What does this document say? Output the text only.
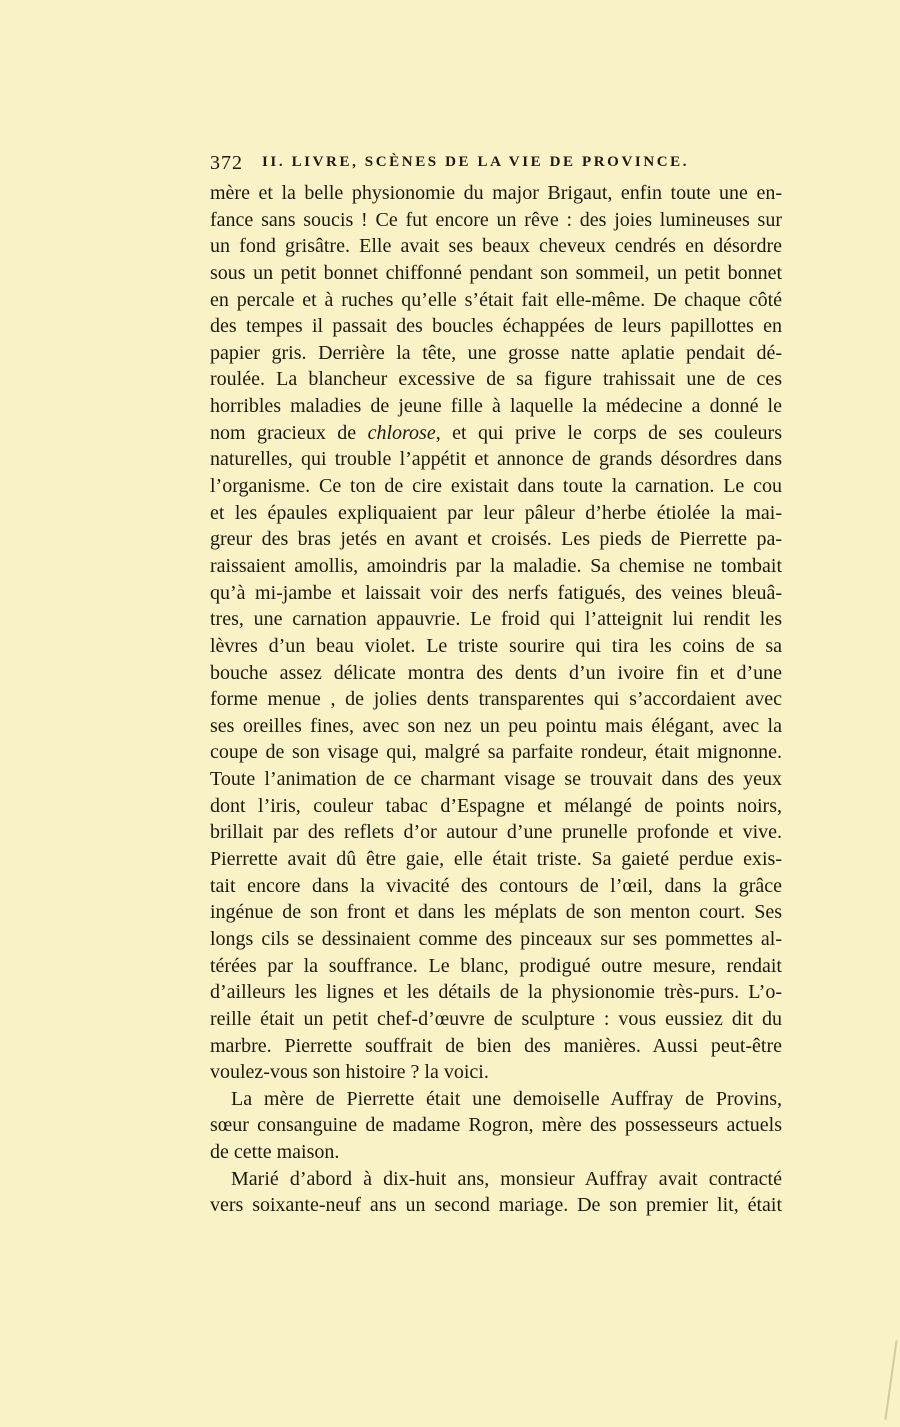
372 II. LIVRE, SCÈNES DE LA VIE DE PROVINCE.
mère et la belle physionomie du major Brigaut, enfin toute une en-
fance sans soucis ! Ce fut encore un rêve : des joies lumineuses sur
un fond grisâtre. Elle avait ses beaux cheveux cendrés en désordre
sous un petit bonnet chiffonné pendant son sommeil, un petit bonnet
en percale et à ruches qu’elle s’était fait elle-même. De chaque côté
des tempes il passait des boucles échappées de leurs papillottes en
papier gris. Derrière la tête, une grosse natte aplatie pendait dé-
roulée. La blancheur excessive de sa figure trahissait une de ces
horribles maladies de jeune fille à laquelle la médecine a donné le
nom gracieux de chlorose, et qui prive le corps de ses couleurs
naturelles, qui trouble l’appétit et annonce de grands désordres dans
l’organisme. Ce ton de cire existait dans toute la carnation. Le cou
et les épaules expliquaient par leur pâleur d’herbe étiolée la mai-
greur des bras jetés en avant et croisés. Les pieds de Pierrette pa-
raissaient amollis, amoindris par la maladie. Sa chemise ne tombait
qu’à mi-jambe et laissait voir des nerfs fatigués, des veines bleuâ-
tres, une carnation appauvrie. Le froid qui l’atteignit lui rendit les
lèvres d’un beau violet. Le triste sourire qui tira les coins de sa
bouche assez délicate montra des dents d’un ivoire fin et d’une
forme menue , de jolies dents transparentes qui s’accordaient avec
ses oreilles fines, avec son nez un peu pointu mais élégant, avec la
coupe de son visage qui, malgré sa parfaite rondeur, était mignonne.
Toute l’animation de ce charmant visage se trouvait dans des yeux
dont l’iris, couleur tabac d’Espagne et mélangé de points noirs,
brillait par des reflets d’or autour d’une prunelle profonde et vive.
Pierrette avait dû être gaie, elle était triste. Sa gaieté perdue exis-
tait encore dans la vivacité des contours de l’œil, dans la grâce
ingénue de son front et dans les méplats de son menton court. Ses
longs cils se dessinaient comme des pinceaux sur ses pommettes al-
térées par la souffrance. Le blanc, prodigué outre mesure, rendait
d’ailleurs les lignes et les détails de la physionomie très-purs. L’o-
reille était un petit chef-d’œuvre de sculpture : vous eussiez dit du
marbre. Pierrette souffrait de bien des manières. Aussi peut-être
voulez-vous son histoire ? la voici.
La mère de Pierrette était une demoiselle Auffray de Provins,
sœur consanguine de madame Rogron, mère des possesseurs actuels
de cette maison.
Marié d’abord à dix-huit ans, monsieur Auffray avait contracté
vers soixante-neuf ans un second mariage. De son premier lit, était
